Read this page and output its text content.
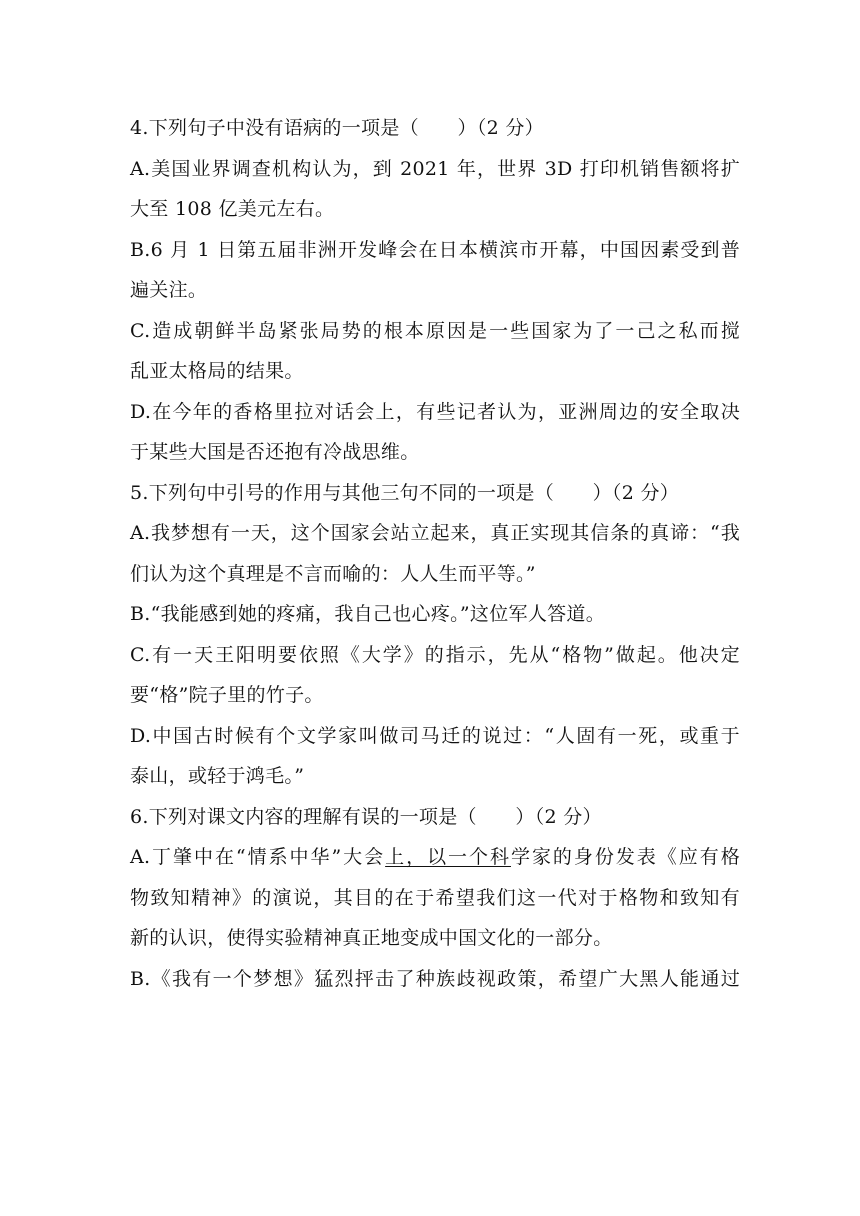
4.下列句子中没有语病的一项是（　　）（2 分）
A.美国业界调查机构认为，到 2021 年，世界 3D 打印机销售额将扩
大至 108 亿美元左右。
B.6 月 1 日第五届非洲开发峰会在日本横滨市开幕，中国因素受到普
遍关注。
C.造成朝鲜半岛紧张局势的根本原因是一些国家为了一己之私而搅
乱亚太格局的结果。
D.在今年的香格里拉对话会上，有些记者认为，亚洲周边的安全取决
于某些大国是否还抱有冷战思维。
5.下列句中引号的作用与其他三句不同的一项是（　　）（2 分）
A.我梦想有一天，这个国家会站立起来，真正实现其信条的真谛：“我
们认为这个真理是不言而喻的：人人生而平等。”
B.“我能感到她的疼痛，我自己也心疼。”这位军人答道。
C.有一天王阳明要依照《大学》的指示，先从“格物”做起。他决定
要“格”院子里的竹子。
D.中国古时候有个文学家叫做司马迁的说过：“人固有一死，或重于
泰山，或轻于鸿毛。”
6.下列对课文内容的理解有误的一项是（　　）（2 分）
A.丁肇中在“情系中华”大会上，以一个科学家的身份发表《应有格
物致知精神》的演说，其目的在于希望我们这一代对于格物和致知有
新的认识，使得实验精神真正地变成中国文化的一部分。
B.《我有一个梦想》猛烈抨击了种族歧视政策，希望广大黑人能通过
